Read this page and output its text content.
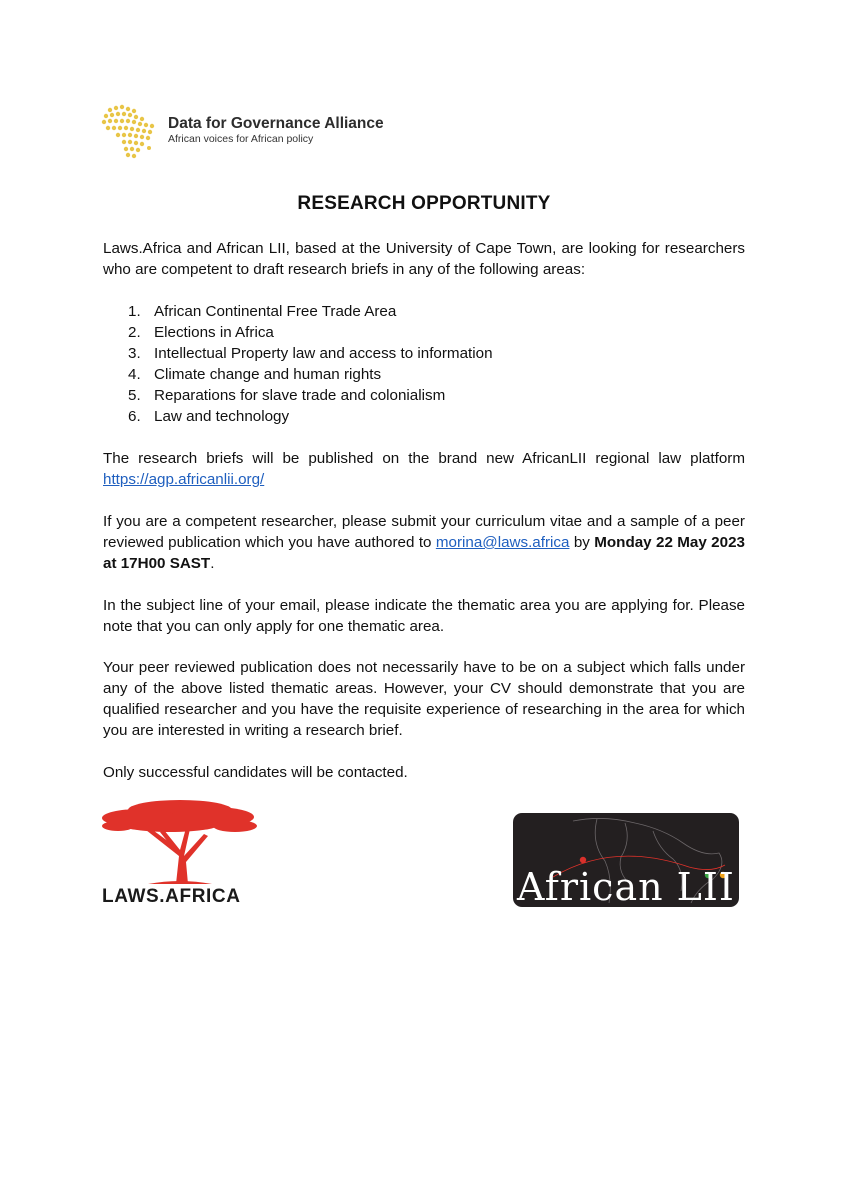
Data for Governance Alliance
African voices for African policy
RESEARCH OPPORTUNITY
Laws.Africa and African LII, based at the University of Cape Town, are looking for researchers who are competent to draft research briefs in any of the following areas:
1. African Continental Free Trade Area
2. Elections in Africa
3. Intellectual Property law and access to information
4. Climate change and human rights
5. Reparations for slave trade and colonialism
6. Law and technology
The research briefs will be published on the brand new AfricanLII regional law platform https://agp.africanlii.org/
If you are a competent researcher, please submit your curriculum vitae and a sample of a peer reviewed publication which you have authored to morina@laws.africa by Monday 22 May 2023 at 17H00 SAST.
In the subject line of your email, please indicate the thematic area you are applying for. Please note that you can only apply for one thematic area.
Your peer reviewed publication does not necessarily have to be on a subject which falls under any of the above listed thematic areas. However, your CV should demonstrate that you are qualified researcher and you have the requisite experience of researching in the area for which you are interested in writing a research brief.
Only successful candidates will be contacted.
LAWS.AFRICA	African LII
